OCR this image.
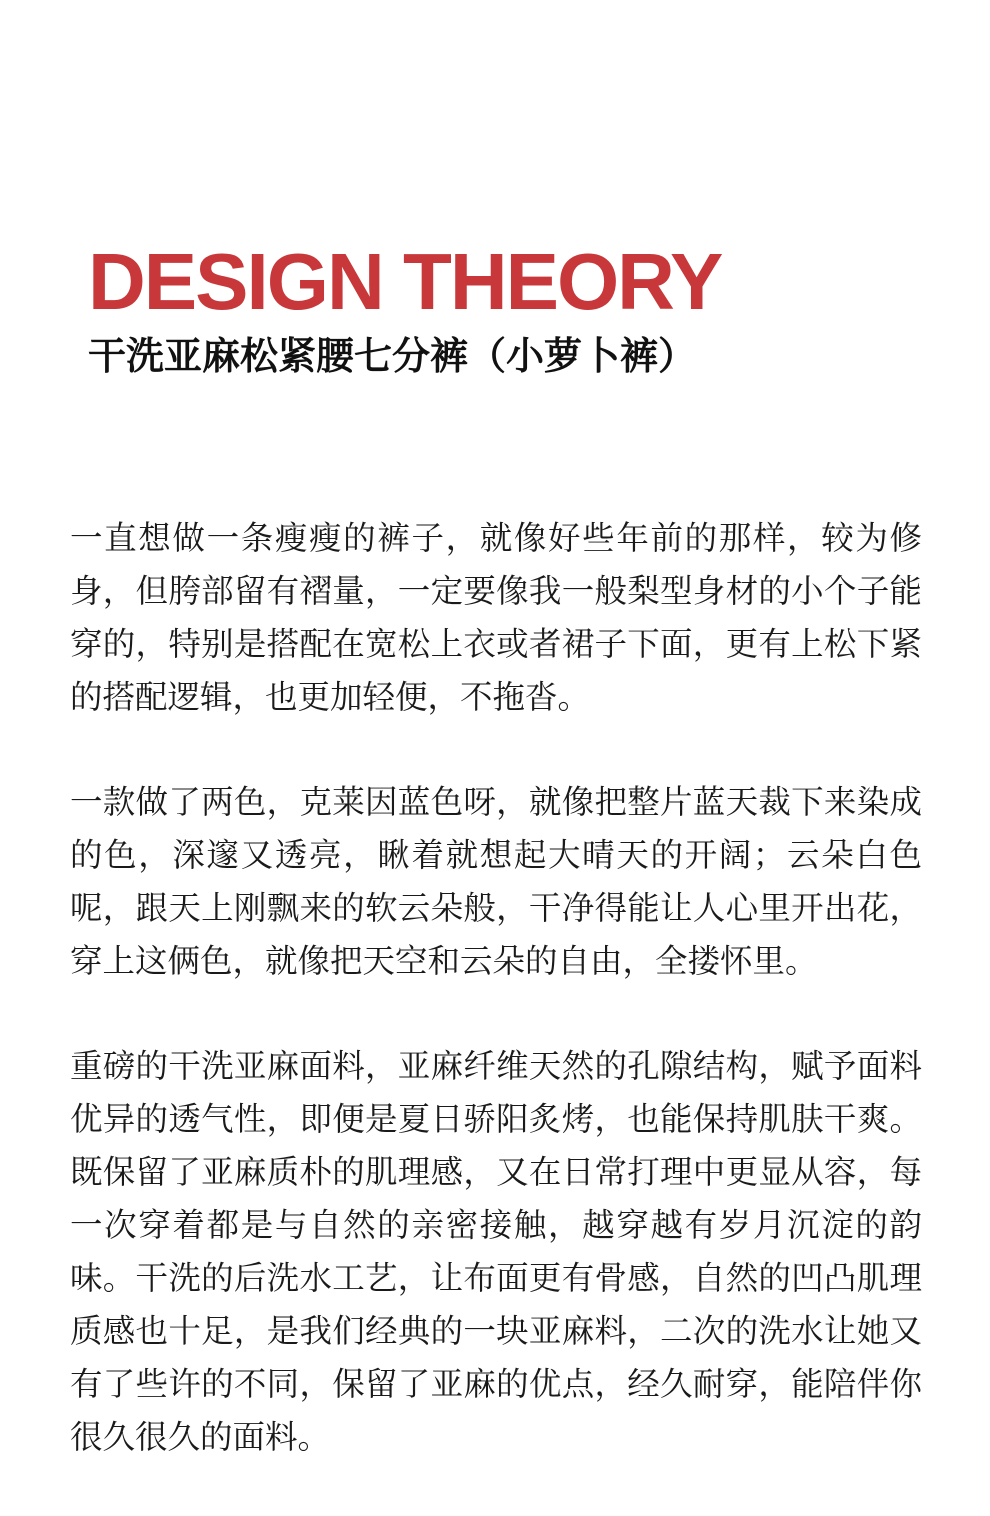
DESIGN THEORY
干洗亚麻松紧腰七分裤（小萝卜裤）

一直想做一条瘦瘦的裤子，就像好些年前的那样，较为修身，但胯部留有褶量，一定要像我一般梨型身材的小个子能穿的，特别是搭配在宽松上衣或者裙子下面，更有上松下紧的搭配逻辑，也更加轻便，不拖沓。

一款做了两色，克莱因蓝色呀，就像把整片蓝天裁下来染成的色，深邃又透亮，瞅着就想起大晴天的开阔；云朵白色呢，跟天上刚飘来的软云朵般，干净得能让人心里开出花，穿上这俩色，就像把天空和云朵的自由，全搂怀里。

重磅的干洗亚麻面料，亚麻纤维天然的孔隙结构，赋予面料优异的透气性，即便是夏日骄阳炙烤，也能保持肌肤干爽。既保留了亚麻质朴的肌理感，又在日常打理中更显从容，每一次穿着都是与自然的亲密接触，越穿越有岁月沉淀的韵味。干洗的后洗水工艺，让布面更有骨感，自然的凹凸肌理质感也十足，是我们经典的一块亚麻料，二次的洗水让她又有了些许的不同，保留了亚麻的优点，经久耐穿，能陪伴你很久很久的面料。
